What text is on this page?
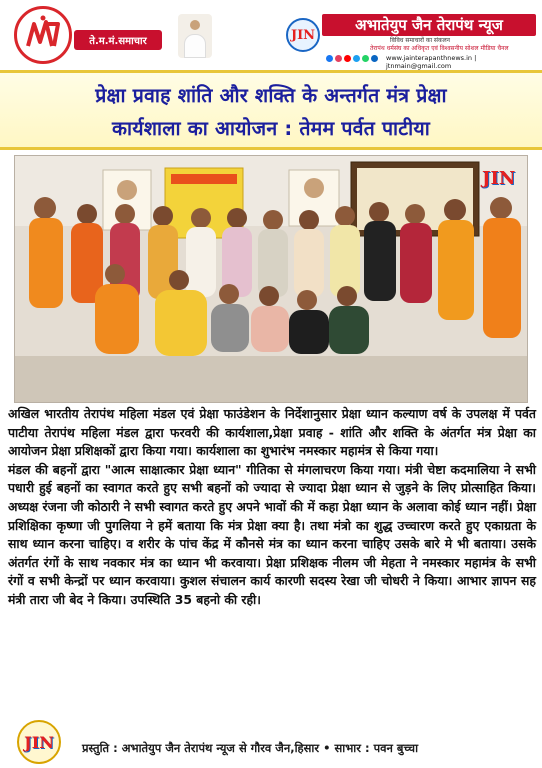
ते.म.मं.समाचार	JIN
अभातेयुप जैन तेरापंथ न्यूज
विविध समाचारों का संकलन
तेरापंथ धर्मसंघ का अधिकृत एवं विश्वसनीय सोशल मीडिया चैनल
www.jainterapanthnews.in | jtnmain@gmail.com
प्रेक्षा प्रवाह शांति और शक्ति के अन्तर्गत मंत्र प्रेक्षा
कार्यशाला का आयोजन : तेमम पर्वत पाटीया
JIN

अखिल भारतीय तेरापंथ महिला मंडल एवं प्रेक्षा फाउंडेशन के निर्देशानुसार प्रेक्षा ध्यान कल्याण वर्ष के उपलक्ष में पर्वत पाटीया तेरापंथ महिला मंडल द्वारा फरवरी की कार्यशाला,प्रेक्षा प्रवाह - शांति और शक्ति के अंतर्गत मंत्र प्रेक्षा का आयोजन प्रेक्षा प्रशिक्षकों द्वारा किया गया। कार्यशाला का शुभारंभ नमस्कार महामंत्र से किया गया।

मंडल की बहनों द्वारा "आत्म साक्षात्कार प्रेक्षा ध्यान" गीतिका से मंगलाचरण किया गया। मंत्री चेष्टा कदमालिया ने सभी पधारी हुई बहनों का स्वागत करते हुए सभी बहनों को ज्यादा से ज्यादा प्रेक्षा ध्यान से जुड़ने के लिए प्रोत्साहित किया। अध्यक्ष रंजना जी कोठारी ने सभी स्वागत करते हुए अपने भावों की में कहा प्रेक्षा ध्यान के अलावा कोई ध्यान नहीं। प्रेक्षा प्रशिक्षिका कृष्णा जी पुगलिया ने हमें बताया कि मंत्र प्रेक्षा क्या है। तथा मंत्रो का शुद्ध उच्चारण करते हुए एकाग्रता के साथ ध्यान करना चाहिए। व शरीर के पांच केंद्र में कौनसे मंत्र का ध्यान करना चाहिए उसके बारे मे भी बताया। उसके अंतर्गत रंगों के साथ नवकार मंत्र का ध्यान भी करवाया। प्रेक्षा प्रशिक्षक नीलम जी मेहता ने नमस्कार महामंत्र के सभी रंगों व सभी केन्द्रों पर ध्यान करवाया। कुशल संचालन कार्य कारणी सदस्य रेखा जी चोधरी ने किया। आभार ज्ञापन सह मंत्री तारा जी बेद ने किया। उपस्थिति 35 बहनो की रही।

JIN	प्रस्तुति : अभातेयुप जैन तेरापंथ न्यूज से गौरव जैन,हिसार • साभार : पवन बुच्चा
